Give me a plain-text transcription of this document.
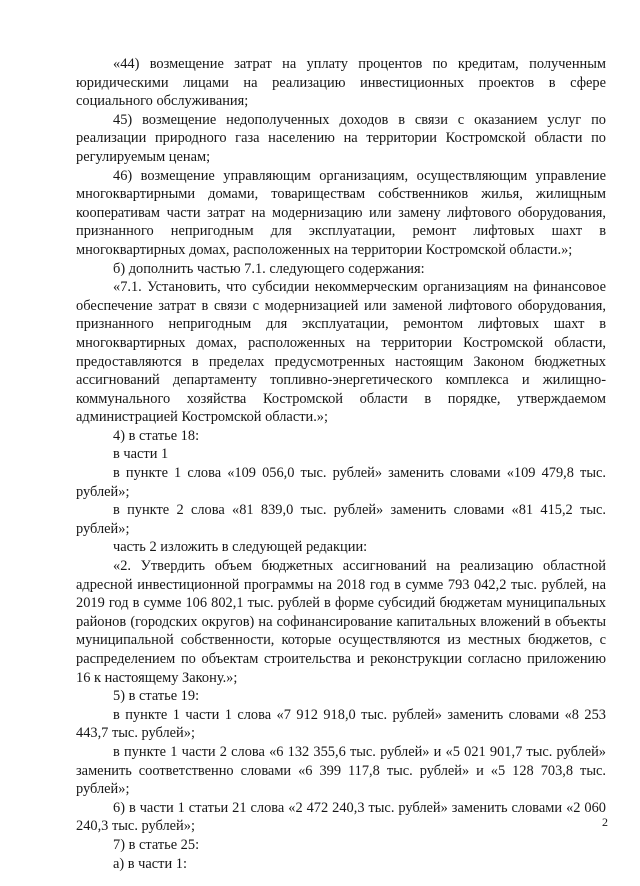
«44) возмещение затрат на уплату процентов по кредитам, полученным юридическими лицами на реализацию инвестиционных проектов в сфере социального обслуживания;

45) возмещение недополученных доходов в связи с оказанием услуг по реализации природного газа населению на территории Костромской области по регулируемым ценам;

46) возмещение управляющим организациям, осуществляющим управление многоквартирными домами, товариществам собственников жилья, жилищным кооперативам части затрат на модернизацию или замену лифтового оборудования, признанного непригодным для эксплуатации, ремонт лифтовых шахт в многоквартирных домах, расположенных на территории Костромской области.»;

б) дополнить частью 7.1. следующего содержания:

«7.1. Установить, что субсидии некоммерческим организациям на финансовое обеспечение затрат в связи с модернизацией или заменой лифтового оборудования, признанного непригодным для эксплуатации, ремонтом лифтовых шахт в многоквартирных домах, расположенных на территории Костромской области, предоставляются в пределах предусмотренных настоящим Законом бюджетных ассигнований департаменту топливно-энергетического комплекса и жилищно-коммунального хозяйства Костромской области в порядке, утверждаемом администрацией Костромской области.»;

4) в статье 18:

в части 1

в пункте 1 слова «109 056,0 тыс. рублей» заменить словами «109 479,8 тыс. рублей»;

в пункте 2 слова «81 839,0 тыс. рублей» заменить словами «81 415,2 тыс. рублей»;

часть 2 изложить в следующей редакции:

«2. Утвердить объем бюджетных ассигнований на реализацию областной адресной инвестиционной программы на 2018 год в сумме 793 042,2 тыс. рублей, на 2019 год в сумме 106 802,1 тыс. рублей в форме субсидий бюджетам муниципальных районов (городских округов) на софинансирование капитальных вложений в объекты муниципальной собственности, которые осуществляются из местных бюджетов, с распределением по объектам строительства и реконструкции согласно приложению 16 к настоящему Закону.»;

5) в статье 19:

в пункте 1 части 1 слова «7 912 918,0 тыс. рублей» заменить словами «8 253 443,7 тыс. рублей»;

в пункте 1 части 2 слова «6 132 355,6 тыс. рублей» и «5 021 901,7 тыс. рублей» заменить соответственно словами «6 399 117,8 тыс. рублей» и «5 128 703,8 тыс. рублей»;

6) в части 1 статьи 21 слова «2 472 240,3 тыс. рублей» заменить словами «2 060 240,3 тыс. рублей»;

7) в статье 25:

а) в части 1:

2
